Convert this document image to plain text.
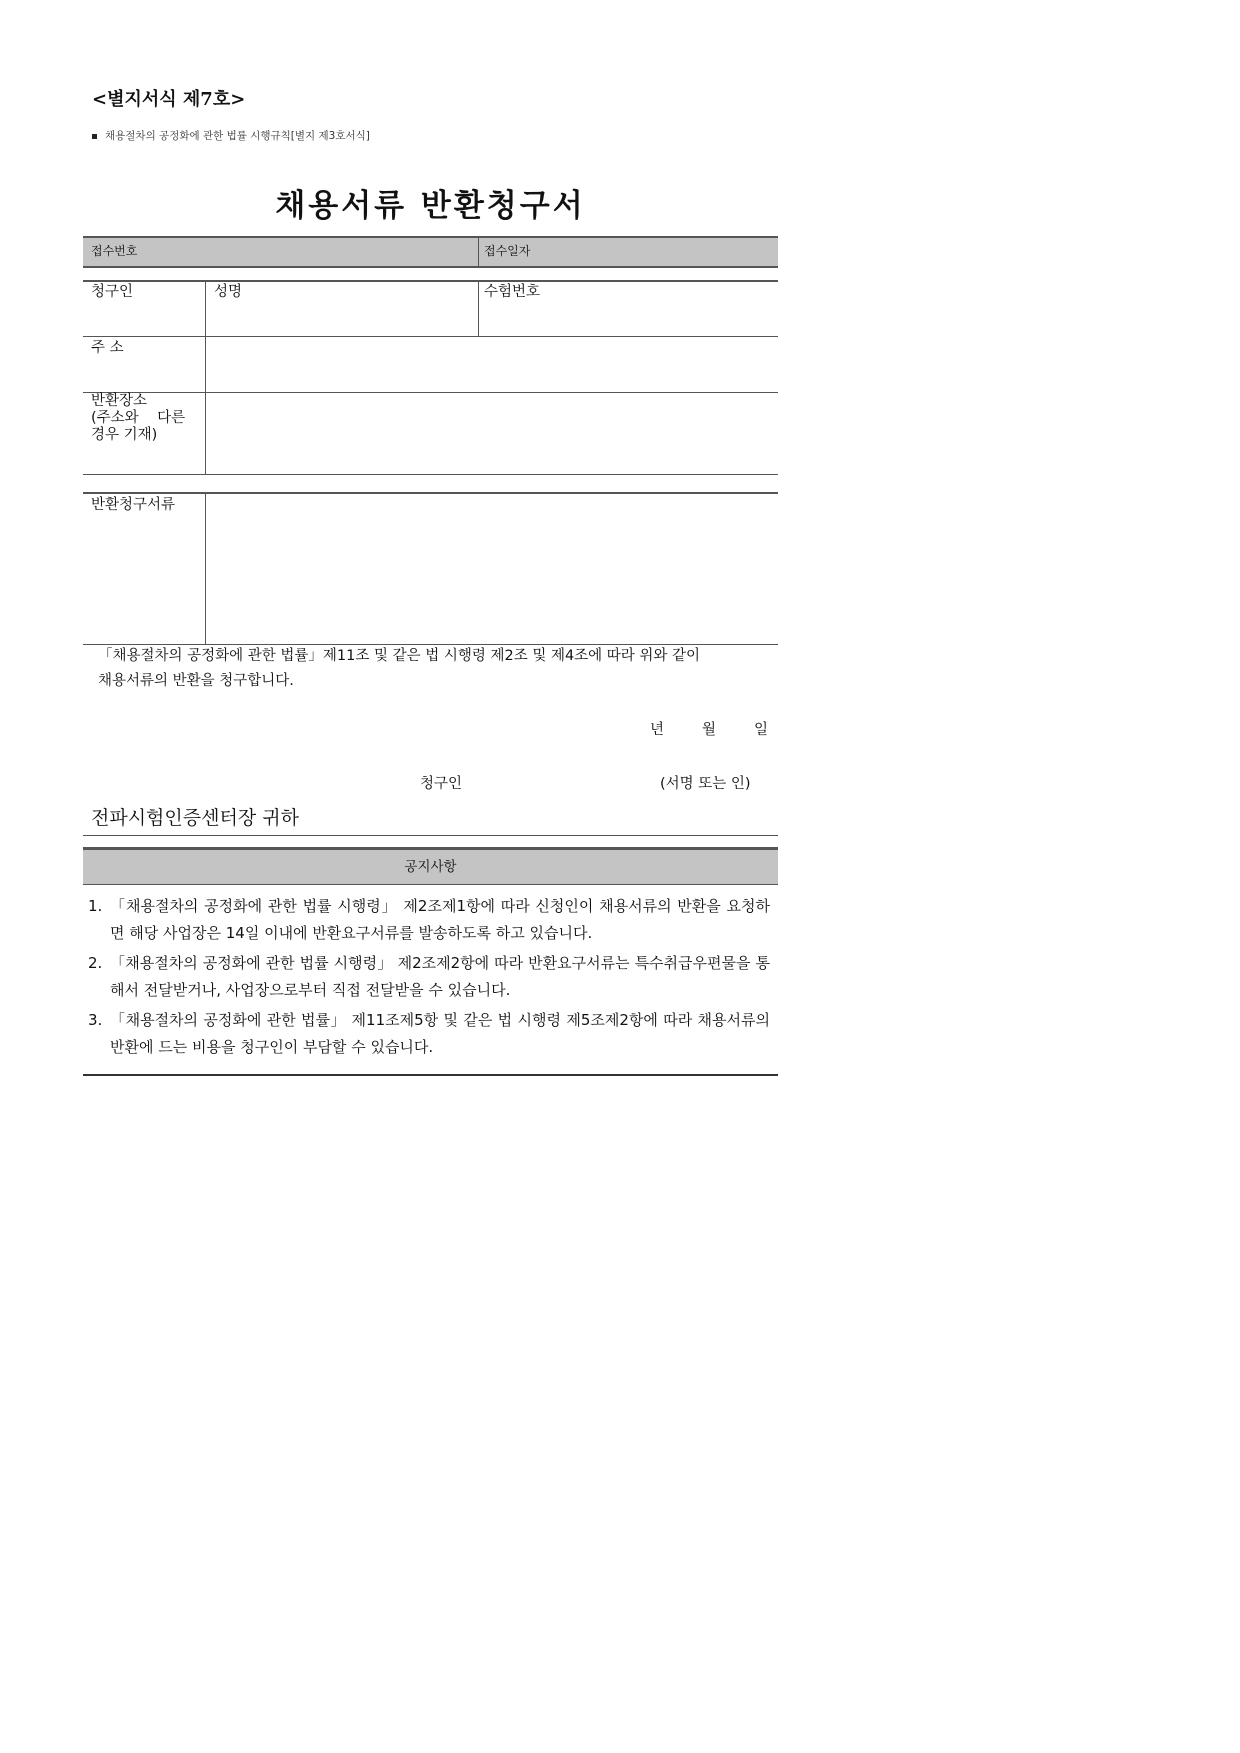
<별지서식 제7호>
채용절차의 공정화에 관한 법률 시행규칙[별지 제3호서식]
채용서류 반환청구서
접수번호	접수일자
청구인	성명	수험번호
주 소
반환장소
(주소와    다른
경우 기재)
반환청구서류
「채용절차의 공정화에 관한 법률」제11조 및 같은 법 시행령 제2조 및 제4조에 따라 위와 같이
채용서류의 반환을 청구합니다.
년	월	일
청구인	(서명 또는 인)
전파시험인증센터장 귀하
공지사항
1. 「채용절차의 공정화에 관한 법률 시행령」 제2조제1항에 따라 신청인이 채용서류의 반환을 요청하면 해당 사업장은 14일 이내에 반환요구서류를 발송하도록 하고 있습니다.
2. 「채용절차의 공정화에 관한 법률 시행령」 제2조제2항에 따라 반환요구서류는 특수취급우편물을 통해서 전달받거나, 사업장으로부터 직접 전달받을 수 있습니다.
3. 「채용절차의 공정화에 관한 법률」 제11조제5항 및 같은 법 시행령 제5조제2항에 따라 채용서류의 반환에 드는 비용을 청구인이 부담할 수 있습니다.
